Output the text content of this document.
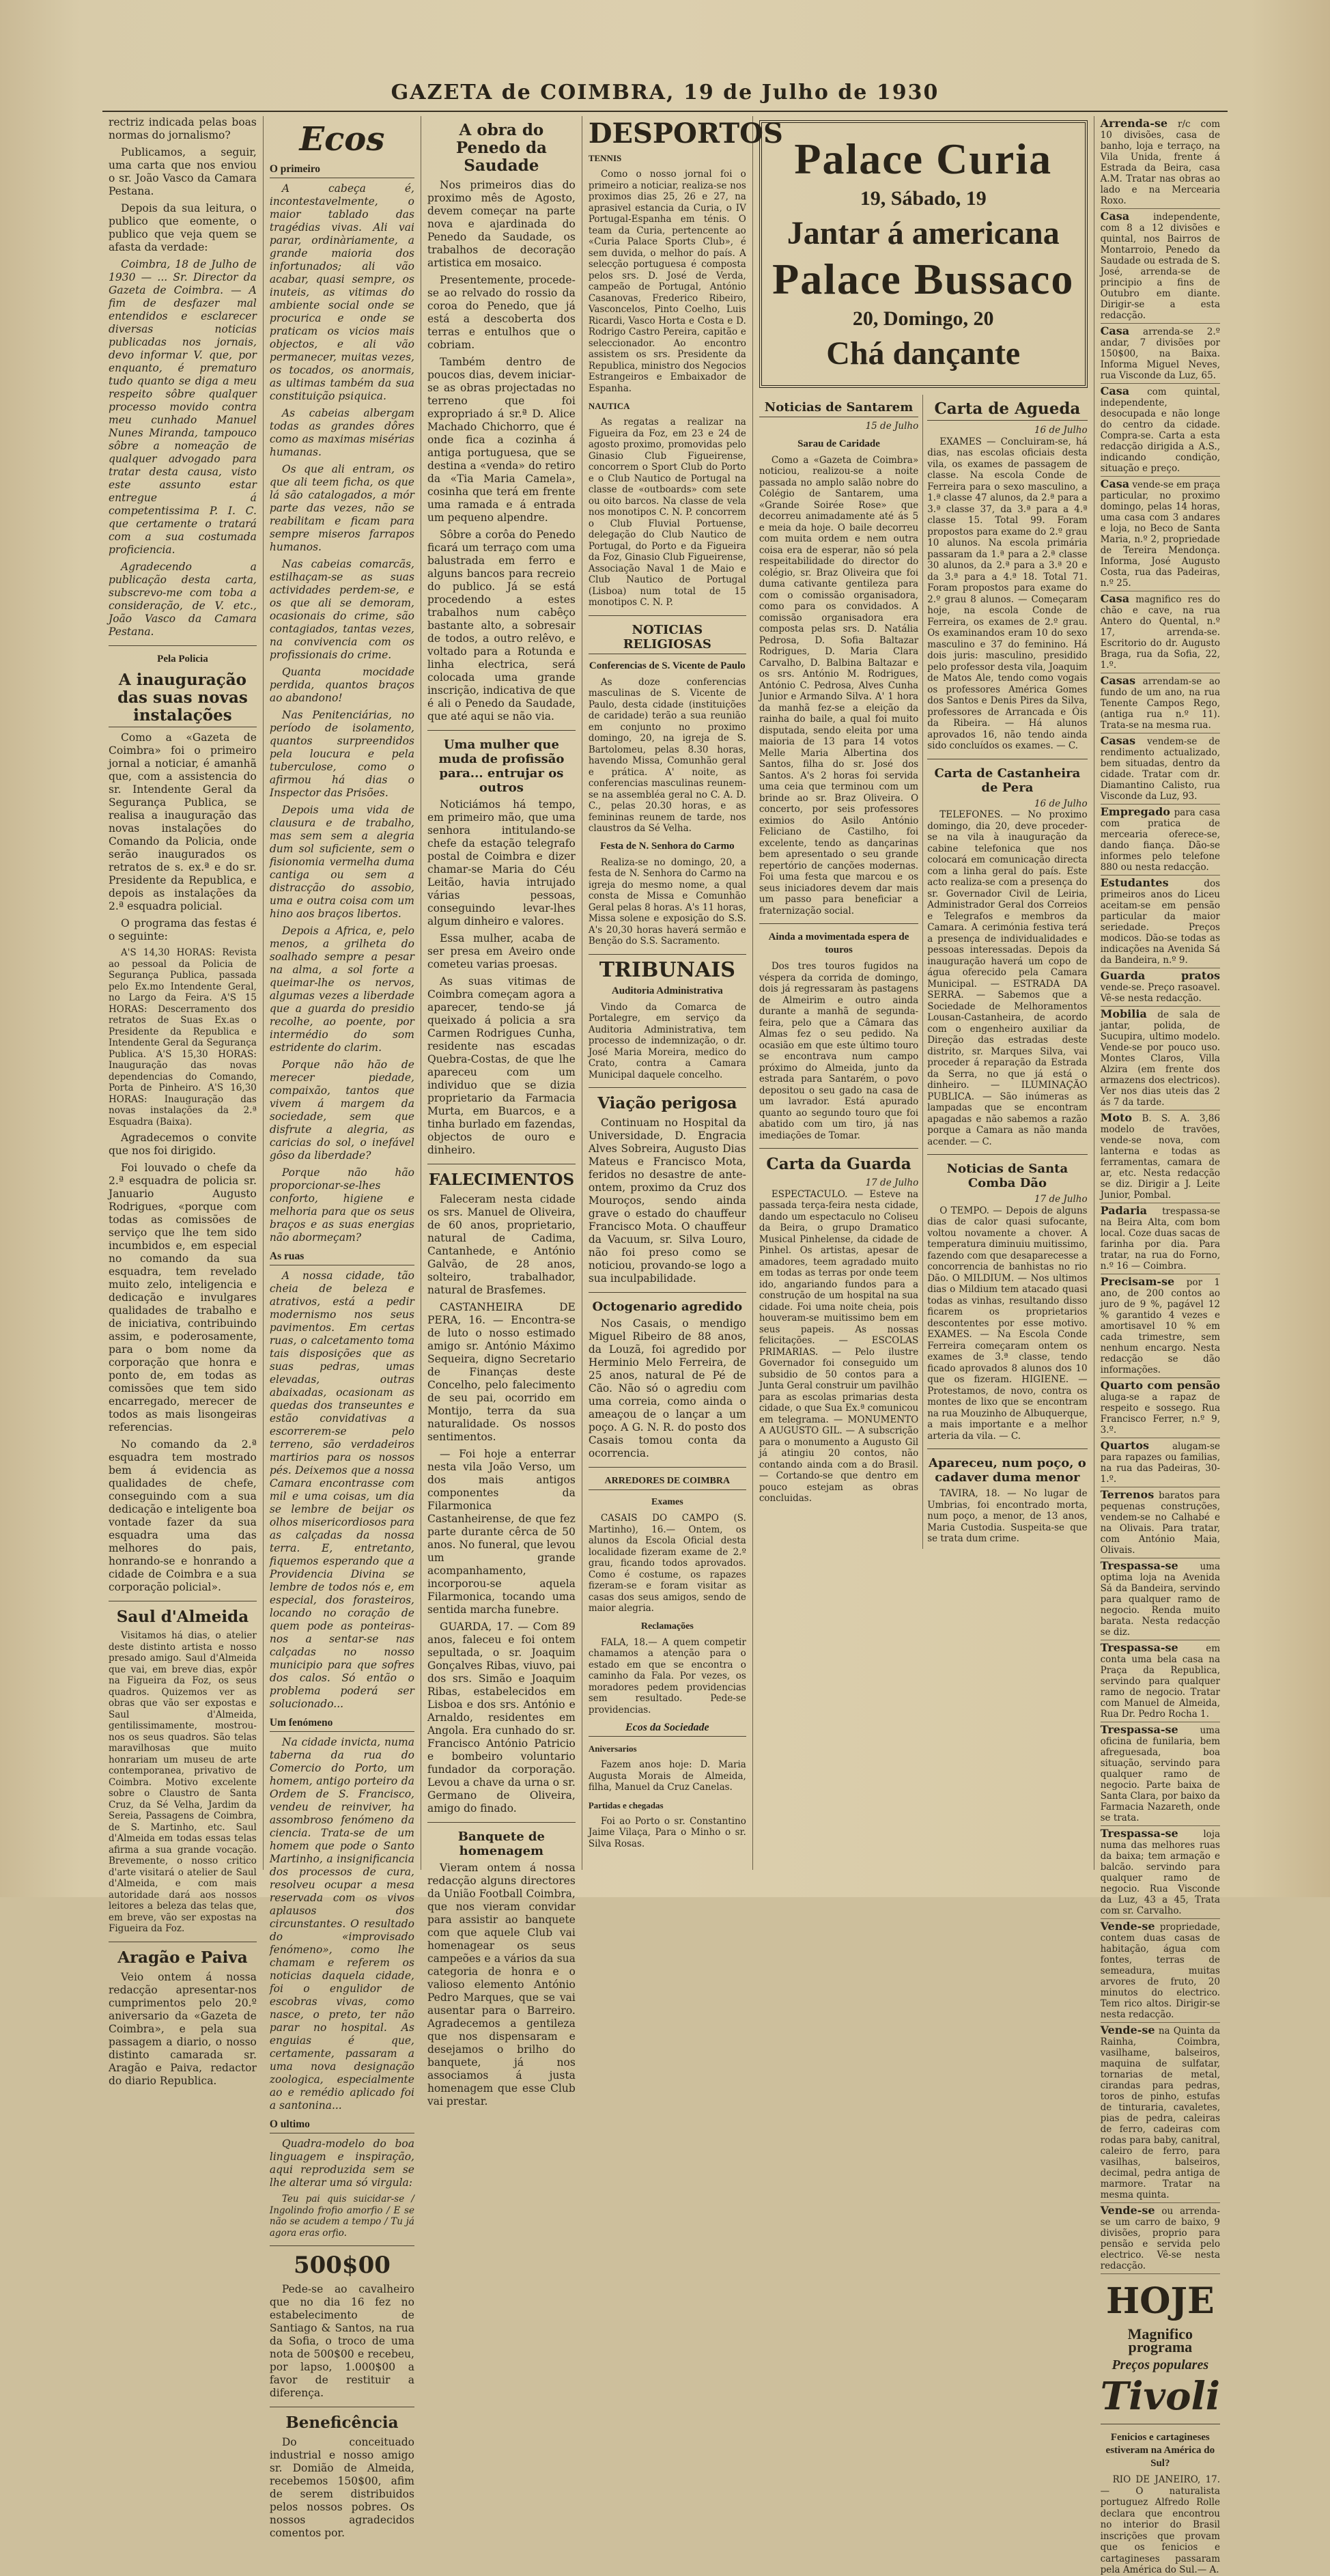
GAZETA de COIMBRA, 19 de Julho de 1930

rectriz indicada pelas boas normas do jornalismo?

Publicamos, a seguir, uma carta que nos enviou o sr. João Vasco da Camara Pestana.

Depois da sua leitura, o publico que eomente, o publico que veja quem se afasta da verdade:

Coimbra, 18 de Julho de 1930 — ... Sr. Director da Gazeta de Coimbra. — A fim de desfazer mal entendidos e esclarecer diversas noticias publicadas nos jornais, devo informar V. que, por enquanto, é prematuro tudo quanto se diga a meu respeito sôbre qualquer processo movido contra meu cunhado Manuel Nunes Miranda, tampouco sôbre a nomeação de qualquer advogado para tratar desta causa, visto este assunto estar entregue á competentissima P. I. C. que certamente o tratará com a sua costumada proficiencia.

Agradecendo a publicação desta carta, subscrevo-me com toba a consideração, de V. etc., João Vasco da Camara Pestana.

Pela Policia
A inauguração das suas novas instalações

Como a «Gazeta de Coimbra» foi o primeiro jornal a noticiar, é amanhã que, com a assistencia do sr. Intendente Geral da Segurança Publica, se realisa a inauguração das novas instalações do Comando da Policia, onde serão inaugurados os retratos de s. ex.ª e do sr. Presidente da Republica, e depois as instalações da 2.ª esquadra policial.

O programa das festas é o seguinte:

A'S 14,30 HORAS: Revista ao pessoal da Policia de Segurança Publica, passada pelo Ex.mo Intendente Geral, no Largo da Feira. A'S 15 HORAS: Descerramento dos retratos de Suas Ex.as o Presidente da Republica e Intendente Geral da Segurança Publica. A'S 15,30 HORAS: Inauguração das novas dependencias do Comando, Porta de Pinheiro. A'S 16,30 HORAS: Inauguração das novas instalações da 2.ª Esquadra (Baixa).

Agradecemos o convite que nos foi dirigido.

Foi louvado o chefe da 2.ª esquadra de policia sr. Januario Augusto Rodrigues, «porque com todas as comissões de serviço que lhe tem sido incumbidos e, em especial no comando da sua esquadra, tem revelado muito zelo, inteligencia e dedicação e invulgares qualidades de trabalho e de iniciativa, contribuindo assim, e poderosamente, para o bom nome da corporação que honra e ponto de, em todas as comissões que tem sido encarregado, merecer de todos as mais lisongeiras referencias.

No comando da 2.ª esquadra tem mostrado bem á evidencia as qualidades de chefe, conseguindo com a sua dedicação e inteligente boa vontade fazer da sua esquadra uma das melhores do pais, honrando-se e honrando a cidade de Coimbra e a sua corporação policial».

Saul d'Almeida

Visitamos há dias, o atelier deste distinto artista e nosso presado amigo. Saul d'Almeida que vai, em breve dias, expôr na Figueira da Foz, os seus quadros. Quizemos ver as obras que vão ser expostas e Saul d'Almeida, gentilissimamente, mostrou-nos os seus quadros. São telas maravilhosas que muito honrariam um museu de arte contemporanea, privativo de Coimbra. Motivo excelente sobre o Claustro de Santa Cruz, da Sé Velha, Jardim da Sereia, Passagens de Coimbra, de S. Martinho, etc. Saul d'Almeida em todas essas telas afirma a sua grande vocação. Brevemente, o nosso critico d'arte visitará o atelier de Saul d'Almeida, e com mais autoridade dará aos nossos leitores a beleza das telas que, em breve, vão ser expostas na Figueira da Foz.

Aragão e Paiva

Veio ontem á nossa redacção apresentar-nos cumprimentos pelo 20.º aniversario da «Gazeta de Coimbra», e pela sua passagem a diario, o nosso distinto camarada sr. Aragão e Paiva, redactor do diario Republica.

Ecos
O primeiro

A cabeça é, incontestavelmente, o maior tablado das tragédias vivas. Ali vai parar, ordinàriamente, a grande maioria dos infortunados; ali vão acabar, quasi sempre, os inuteis, as vitimas do ambiente social onde se procurica e onde se praticam os vicios mais objectos, e ali vão permanecer, muitas vezes, os tocados, os anormais, as ultimas também da sua constituição psiquica.

As cabeias albergam todas as grandes dôres como as maximas misérias humanas.

Os que ali entram, os que ali teem ficha, os que lá são catalogados, a mór parte das vezes, não se reabilitam e ficam para sempre miseros farrapos humanos.

Nas cabeias comarcãs, estilhaçam-se as suas actividades perdem-se, e os que ali se demoram, ocasionais do crime, são contagiados, tantas vezes, na convivencia com os profissionais do crime.

Quanta mocidade perdida, quantos braços ao abandono!

Nas Penitenciárias, no período de isolamento, quantos surpreendidos pela loucura e pela tuberculose, como o afirmou há dias o Inspector das Prisões.

Depois uma vida de clausura e de trabalho, mas sem sem a alegria dum sol suficiente, sem o fisionomia vermelha duma cantiga ou sem a distracção do assobio, uma e outra coisa com um hino aos braços libertos.

Depois a Africa, e, pelo menos, a grilheta do soalhado sempre a pesar na alma, a sol forte a queimar-lhe os nervos, algumas vezes a liberdade que a guarda do presidio recolhe, ao poente, por intermédio do som estridente do clarim.

Porque não hão de merecer piedade, compaixão, tantos que vivem á margem da sociedade, sem que disfrute a alegria, as caricias do sol, o inefável gôso da liberdade?

Porque não hão proporcionar-se-lhes conforto, higiene e melhoria para que os seus braços e as suas energias não abormeçam?

As ruas

A nossa cidade, tão cheia de beleza e atrativos, está a pedir modernismo nos seus pavimentos. Em certas ruas, o calcetamento toma tais disposições que as suas pedras, umas elevadas, outras abaixadas, ocasionam as quedas dos transeuntes e estão convidativas a escorrerem-se pelo terreno, são verdadeiros martirios para os nossos pés. Deixemos que a nossa Camara encontrasse com mil e uma coisas, um dia se lembre de beijar os olhos misericordiosos para as calçadas da nossa terra. E, entretanto, fiquemos esperando que a Providencia Divina se lembre de todos nós e, em especial, dos forasteiros, locando no coração de quem pode as ponteiras-nos a sentar-se nas calçadas no nosso municipio para que sofres dos calos. Só então o problema poderá ser solucionado...

Um fenómeno

Na cidade invicta, numa taberna da rua do Comercio do Porto, um homem, antigo porteiro da Ordem de S. Francisco, vendeu de reinviver, ha assombroso fenómeno da ciencia. Trata-se de um homem que pode o Santo Martinho, a insignificancia dos processos de cura, resolveu ocupar a mesa reservada com os vivos aplausos dos circunstantes. O resultado do «improvisado fenómeno», como lhe chamam e referem os noticias daquela cidade, foi o engulidor de escobras vivas, como nasce, o preto, ter não parar no hospital. As enguias é que, certamente, passaram a uma nova designação zoologica, especialmente ao e remédio aplicado foi a santonina...

O ultimo

Quadra-modelo do boa linguagem e inspiração, aqui reproduzida sem se lhe alterar uma só virgula:

Teu pai quis suicidar-se / Ingolindo frofio amorfio / E se não se acudem a tempo / Tu já agora eras orfio.

500$00

Pede-se ao cavalheiro que no dia 16 fez no estabelecimento de Santiago & Santos, na rua da Sofia, o troco de uma nota de 500$00 e recebeu, por lapso, 1.000$00 a favor de restituir a diferença.

Beneficência

Do conceituado industrial e nosso amigo sr. Domião de Almeida, recebemos 150$00, afim de serem distribuidos pelos nossos pobres. Os nossos agradecidos comentos por.

A obra do Penedo da Saudade

Nos primeiros dias do proximo mês de Agosto, devem começar na parte nova e ajardinada do Penedo da Saudade, os trabalhos de decoração artistica em mosaico.

Presentemente, procede-se ao relvado do rossio da coroa do Penedo, que já está a descoberta dos terras e entulhos que o cobriam.

Também dentro de poucos dias, devem iniciar-se as obras projectadas no terreno que foi expropriado á sr.ª D. Alice Machado Chichorro, que é onde fica a cozinha á antiga portuguesa, que se destina a «venda» do retiro da «Tia Maria Camela», cosinha que terá em frente uma ramada e á entrada um pequeno alpendre.

Sôbre a corôa do Penedo ficará um terraço com uma balustrada em ferro e alguns bancos para recreio do publico. Já se está procedendo a estes trabalhos num cabêço bastante alto, a sobresair de todos, a outro relêvo, e voltado para a Rotunda e linha electrica, será colocada uma grande inscrição, indicativa de que é ali o Penedo da Saudade, que até aqui se não via.

Uma mulher que muda de profissão para... entrujar os outros

Noticiámos há tempo, em primeiro mão, que uma senhora intitulando-se chefe da estação telegrafo postal de Coimbra e dizer chamar-se Maria do Céu Leitão, havia intrujado várias pessoas, conseguindo levar-lhes algum dinheiro e valores.

Essa mulher, acaba de ser presa em Aveiro onde cometeu varias proesas.

As suas vitimas de Coimbra começam agora a aparecer, tendo-se já queixado á policia a sra Carmen Rodrigues Cunha, residente nas escadas Quebra-Costas, de que lhe apareceu com um individuo que se dizia proprietario da Farmacia Murta, em Buarcos, e a tinha burlado em fazendas, objectos de ouro e dinheiro.

FALECIMENTOS

Faleceram nesta cidade os srs. Manuel de Oliveira, de 60 anos, proprietario, natural de Cadima, Cantanhede, e António Galvão, de 28 anos, solteiro, trabalhador, natural de Brasfemes.

CASTANHEIRA DE PERA, 16. — Encontra-se de luto o nosso estimado amigo sr. António Máximo Sequeira, digno Secretario de Finanças deste Concelho, pelo falecimento de seu pai, ocorrido em Montijo, terra da sua naturalidade. Os nossos sentimentos.

— Foi hoje a enterrar nesta vila João Verso, um dos mais antigos componentes da Filarmonica Castanheirense, de que fez parte durante cêrca de 50 anos. No funeral, que levou um grande acompanhamento, incorporou-se aquela Filarmonica, tocando uma sentida marcha funebre.

GUARDA, 17. — Com 89 anos, faleceu e foi ontem sepultada, o sr. Joaquim Gonçalves Ribas, viuvo, pai dos srs. Simão e Joaquim Ribas, estabelecidos em Lisboa e dos srs. António e Arnaldo, residentes em Angola. Era cunhado do sr. Francisco António Patricio e bombeiro voluntario fundador da corporação. Levou a chave da urna o sr. Germano de Oliveira, amigo do finado.

Banquete de homenagem

Vieram ontem á nossa redacção alguns directores da União Football Coimbra, que nos vieram convidar para assistir ao banquete com que aquele Club vai homenagear os seus campeões e a vários da sua categoria de honra e o valioso elemento António Pedro Marques, que se vai ausentar para o Barreiro. Agradecemos a gentileza que nos dispensaram e desejamos o brilho do banquete, já nos associamos á justa homenagem que esse Club vai prestar.

DESPORTOS
TENNIS

Como o nosso jornal foi o primeiro a noticiar, realiza-se nos proximos dias 25, 26 e 27, na aprasivel estancia da Curia, o IV Portugal-Espanha em ténis. O team da Curia, pertencente ao «Curia Palace Sports Club», é sem duvida, o melhor do país. A selecção portuguesa é composta pelos srs. D. José de Verda, campeão de Portugal, António Casanovas, Frederico Ribeiro, Vasconcelos, Pinto Coelho, Luis Ricardi, Vasco Horta e Costa e D. Rodrigo Castro Pereira, capitão e seleccionador. Ao encontro assistem os srs. Presidente da Republica, ministro dos Negocios Estrangeiros e Embaixador de Espanha.

NAUTICA

As regatas a realizar na Figueira da Foz, em 23 e 24 de agosto proximo, promovidas pelo Ginasio Club Figueirense, concorrem o Sport Club do Porto e o Club Nautico de Portugal na classe de «outboards» com sete ou oito barcos. Na classe de vela nos monotipos C. N. P. concorrem o Club Fluvial Portuense, delegação do Club Nautico de Portugal, do Porto e da Figueira da Foz, Ginasio Club Figueirense, Associação Naval 1 de Maio e Club Nautico de Portugal (Lisboa) num total de 15 monotipos C. N. P.

NOTICIAS RELIGIOSAS
Conferencias de S. Vicente de Paulo

As doze conferencias masculinas de S. Vicente de Paulo, desta cidade (instituições de caridade) terão a sua reunião em conjunto no proximo domingo, 20, na igreja de S. Bartolomeu, pelas 8.30 horas, havendo Missa, Comunhão geral e prática. A' noite, as conferencias masculinas reunem-se na assembléa geral no C. A. D. C., pelas 20.30 horas, e as femininas reunem de tarde, nos claustros da Sé Velha.

Festa de N. Senhora do Carmo

Realiza-se no domingo, 20, a festa de N. Senhora do Carmo na igreja do mesmo nome, a qual consta de Missa e Comunhão Geral pelas 8 horas. A's 11 horas, Missa solene e exposição do S.S. A's 20,30 horas haverá sermão e Benção do S.S. Sacramento.

TRIBUNAIS
Auditoria Administrativa

Vindo da Comarca de Portalegre, em serviço da Auditoria Administrativa, tem processo de indemnização, o dr. José Maria Moreira, medico do Crato, contra a Camara Municipal daquele concelho.

Viação perigosa

Continuam no Hospital da Universidade, D. Engracia Alves Sobreira, Augusto Dias Mateus e Francisco Mota, feridos no desastre de ante-ontem, proximo da Cruz dos Mouroços, sendo ainda grave o estado do chauffeur Francisco Mota. O chauffeur da Vacuum, sr. Silva Louro, não foi preso como se noticiou, provando-se logo a sua inculpabilidade.

Octogenario agredido

Nos Casais, o mendigo Miguel Ribeiro de 88 anos, da Louzã, foi agredido por Herminio Melo Ferreira, de 25 anos, natural de Pé de Cão. Não só o agrediu com uma correia, como ainda o ameaçou de o lançar a um poço. A G. N. R. do posto dos Casais tomou conta da ocorrencia.

ARREDORES DE COIMBRA
Exames

CASAIS DO CAMPO (S. Martinho), 16.— Ontem, os alunos da Escola Oficial desta localidade fizeram exame de 2.º grau, ficando todos aprovados. Como é costume, os rapazes fizeram-se e foram visitar as casas dos seus amigos, sendo de maior alegria.

Reclamações

FALA, 18.— A quem competir chamamos a atenção para o estado em que se encontra o caminho da Fala. Por vezes, os moradores pedem providencias sem resultado. Pede-se providencias.

Ecos da Sociedade
Aniversarios

Fazem anos hoje: D. Maria Augusta Morais de Almeida, filha, Manuel da Cruz Canelas.

Partidas e chegadas

Foi ao Porto o sr. Constantino Jaime Vilaça, Para o Minho o sr. Silva Rosas.

Palace Curia
19, Sábado, 19
Jantar á americana
Palace Bussaco
20, Domingo, 20
Chá dançante
Noticias de Santarem
15 de Julho
Sarau de Caridade

Como a «Gazeta de Coimbra» noticiou, realizou-se a noite passada no amplo salão nobre do Colégio de Santarem, uma «Grande Soirée Rose» que decorreu animadamente até ás 5 e meia da hoje. O baile decorreu com muita ordem e nem outra coisa era de esperar, não só pela respeitabilidade do director do colégio, sr. Braz Oliveira que foi duma cativante gentileza para com o comissão organisadora, como para os convidados. A comissão organisadora era composta pelas srs. D. Natália Pedrosa, D. Sofia Baltazar Rodrigues, D. Maria Clara Carvalho, D. Balbina Baltazar e os srs. António M. Rodrigues, António C. Pedrosa, Alves Cunha Junior e Armando Silva. A' 1 hora da manhã fez-se a eleição da rainha do baile, a qual foi muito disputada, sendo eleita por uma maioria de 13 para 14 votos Melle Maria Albertina dos Santos, filha do sr. José dos Santos. A's 2 horas foi servida uma ceia que terminou com um brinde ao sr. Braz Oliveira. O concerto, por seis professores eximios do Asilo António Feliciano de Castilho, foi excelente, tendo as dançarinas bem apresentado o seu grande repertório de canções modernas. Foi uma festa que marcou e os seus iniciadores devem dar mais um passo para beneficiar a fraternização social.

Ainda a movimentada espera de touros

Dos tres touros fugidos na véspera da corrida de domingo, dois já regressaram às pastagens de Almeirim e outro ainda durante a manhã de segunda-feira, pelo que a Câmara das Almas fez o seu pedido. Na ocasião em que este último touro se encontrava num campo próximo do Almeida, junto da estrada para Santarém, o povo depositou o seu gado na casa de um lavrador. Está apurado quanto ao segundo touro que foi abatido com um tiro, já nas imediações de Tomar.

Carta da Guarda
17 de Julho

ESPECTACULO. — Esteve na passada terça-feira nesta cidade, dando um espectaculo no Coliseu da Beira, o grupo Dramatico Musical Pinhelense, da cidade de Pinhel. Os artistas, apesar de amadores, teem agradado muito em todas as terras por onde teem ido, angariando fundos para a construção de um hospital na sua cidade. Foi uma noite cheia, pois houveram-se muitissimo bem em seus papeis. As nossas felicitações. — ESCOLAS PRIMARIAS. — Pelo ilustre Governador foi conseguido um subsidio de 50 contos para a Junta Geral construir um pavilhão para as escolas primarias desta cidade, o que Sua Ex.ª comunicou em telegrama. — MONUMENTO A AUGUSTO GIL. — A subscrição para o monumento a Augusto Gil já atingiu 20 contos, não contando ainda com a do Brasil. — Cortando-se que dentro em pouco estejam as obras concluidas.

Carta de Agueda
16 de Julho

EXAMES — Concluiram-se, há dias, nas escolas oficiais desta vila, os exames de passagem de classe. Na escola Conde de Ferreira para o sexo masculino, a 1.ª classe 47 alunos, da 2.ª para a 3.ª classe 37, da 3.ª para a 4.ª classe 15. Total 99. Foram propostos para exame do 2.º grau 10 alunos. Na escola primária passaram da 1.ª para a 2.ª classe 30 alunos, da 2.ª para a 3.ª 20 e da 3.ª para a 4.ª 18. Total 71. Foram propostos para exame do 2.º grau 8 alunos. — Começaram hoje, na escola Conde de Ferreira, os exames de 2.º grau. Os examinandos eram 10 do sexo masculino e 37 do feminino. Há dois juris: masculino, presidido pelo professor desta vila, Joaquim de Matos Ale, tendo como vogais os professores América Gomes dos Santos e Denis Pires da Silva, professores de Arrancada e Óis da Ribeira. — Há alunos aprovados 16, não tendo ainda sido concluídos os exames. — C.

Carta de Castanheira de Pera
16 de Julho

TELEFONES. — No proximo domingo, dia 20, deve proceder-se na vila à inauguração da cabine telefonica que nos colocará em comunicação directa com a linha geral do país. Este acto realiza-se com a presença do sr. Governador Civil de Leiria, Administrador Geral dos Correios e Telegrafos e membros da Camara. A cerimónia festiva terá a presença de individualidades e pessoas interessadas. Depois da inauguração haverá um copo de água oferecido pela Camara Municipal. — ESTRADA DA SERRA. — Sabemos que a Sociedade de Melhoramentos Lousan-Castanheira, de acordo com o engenheiro auxiliar da Direção das estradas deste distrito, sr. Marques Silva, vai proceder á reparação da Estrada da Serra, no que já está o dinheiro. — ILUMINAÇÃO PUBLICA. — São inúmeras as lampadas que se encontram apagadas e não sabemos a razão porque a Camara as não manda acender. — C.

Noticias de Santa Comba Dão
17 de Julho

O TEMPO. — Depois de alguns dias de calor quasi sufocante, voltou novamente a chover. A temperatura diminuiu muitissimo, fazendo com que desaparecesse a concorrencia de banhistas no rio Dão. O MILDIUM. — Nos ultimos dias o Mildium tem atacado quasi todas as vinhas, resultando disso ficarem os proprietarios descontentes por esse motivo. EXAMES. — Na Escola Conde Ferreira começaram ontem os exames de 3.ª classe, tendo ficado aprovados 8 alunos dos 10 que os fizeram. HIGIENE. — Protestamos, de novo, contra os montes de lixo que se encontram na rua Mouzinho de Albuquerque, a mais importante e a melhor arteria da vila. — C.

Apareceu, num poço, o cadaver duma menor

TAVIRA, 18. — No lugar de Umbrias, foi encontrado morta, num poço, a menor, de 13 anos, Maria Custodia. Suspeita-se que se trata dum crime.

Arrenda-se r/c com 10 divisões, casa de banho, loja e terraço, na Vila Unida, frente á Estrada da Beira, casa A.M. Tratar nas obras ao lado e na Mercearia Roxo.
Casa	independente, com 8 a 12 divisões e quintal, nos Bairros de Montarroio, Penedo da Saudade ou estrada de S. José, arrenda-se de principio a fins de Outubro em diante. Dirigir-se a esta redacção.
Casa arrenda-se 2.º andar, 7 divisões por 150$00, na Baixa. Informa Miguel Neves, rua Visconde da Luz, 65.
Casa com quintal, independente, desocupada e não longe do centro da cidade. Compra-se. Carta a esta redacção dirigida a A.S., indicando condição, situação e preço.
Casa vende-se em praça particular, no proximo domingo, pelas 14 horas, uma casa com 3 andares e loja, no Beco de Santa Maria, n.º 2, propriedade de Tereira Mendonça. Informa, José Augusto Costa, rua das Padeiras, n.º 25.
Casa magnifico res do chão e cave, na rua Antero do Quental, n.º 17, arrenda-se. Escritorio do dr. Augusto Braga, rua da Sofia, 22, 1.º.
Casas arrendam-se ao fundo de um ano, na rua Tenente Campos Rego, (antiga rua n.º 11). Trata-se na mesma rua.
Casas vendem-se de rendimento actualizado, bem situadas, dentro da cidade. Tratar com dr. Diamantino Calisto, rua Visconde da Luz, 93.
Empregado para casa com pratica de mercearia oferece-se, dando fiança. Dão-se informes pelo telefone 880 ou nesta redacção.
Estudantes	dos primeiros anos do Liceu aceitam-se em pensão particular da maior seriedade. Preços modicos. Dão-se todas as indicações na Avenida Sá da Bandeira, n.º 9.
Guarda pratos vende-se. Preço rasoavel. Vê-se nesta redacção.
Mobilia de sala de jantar, polida, de Sucupira, ultimo modelo. Vende-se por pouco uso. Montes Claros, Villa Alzira (em frente dos armazens dos electricos). Ver nos dias uteis das 2 ás 7 da tarde.
Moto B. S. A. 3,86 modelo de travões, vende-se nova, com lanterna e todas as ferramentas, camara de ar, etc. Nesta redacção se diz. Dirigir a J. Leite Junior, Pombal.
Padaria trespassa-se na Beira Alta, com bom local. Coze duas sacas de farinha por dia. Para tratar, na rua do Forno, n.º 16 — Coimbra.
Precisam-se por 1 ano, de 200 contos ao juro de 9 %, pagável 12 % garantido 4 vezes e amortisavel 10 % em cada trimestre, sem nenhum encargo. Nesta redacção se dão informações.
Quarto com pensão aluga-se a rapaz de respeito e sossego. Rua Francisco Ferrer, n.º 9, 3.º.
Quartos	alugam-se para rapazes ou familias, na rua das Padeiras, 30-1.º.
Terrenos baratos para pequenas construções, vendem-se no Calhabé e na Olivais. Para tratar, com António Maia, Olivais.
Trespassa-se uma optima loja na Avenida Sá da Bandeira, servindo para qualquer ramo de negocio. Renda muito barata. Nesta redacção se diz.
Trespassa-se	em conta uma bela casa na Praça da Republica, servindo para qualquer ramo de negocio. Tratar com Manuel de Almeida, Rua Dr. Pedro Rocha 1.
Trespassa-se uma oficina de funilaria, bem afreguesada, boa situação, servindo para qualquer ramo de negocio. Parte baixa de Santa Clara, por baixo da Farmacia Nazareth, onde se trata.
Trespassa-se	loja numa das melhores ruas da baixa; tem armação e balcão. servindo para qualquer ramo de negocio. Rua Visconde da Luz, 43 a 45, Trata com sr. Carvalho.
Vende-se propriedade, contem duas casas de habitação, água com fontes, terras de semeadura, muitas arvores de fruto, 20 minutos do electrico. Tem rico altos. Dirigir-se nesta redacção.
Vende-se na Quinta da Rainha, Coimbra, vasilhame, balseiros, maquina de sulfatar, tornarias de metal, cirandas para pedras, toros de pinho, estufas de tinturaria, cavaletes, pias de pedra, caleiras de ferro, cadeiras com rodas para baby, canitral, caleiro de ferro, para vasilhas, balseiros, decimal, pedra antiga de marmore. Tratar na mesma quinta.
Vende-se ou arrenda-se um carro de baixo, 9 divisões, proprio para pensão e servida pelo electrico. Vê-se nesta redacção.
HOJE
Magnifico programa
Preços populares
Tivoli
Fenicios e cartagineses estiveram na América do Sul?

RIO DE JANEIRO, 17.— O naturalista portuguez Alfredo Rolle declara que encontrou no interior do Brasil inscrições que provam que os fenicios e cartagineses passaram pela América do Sul.— A.
